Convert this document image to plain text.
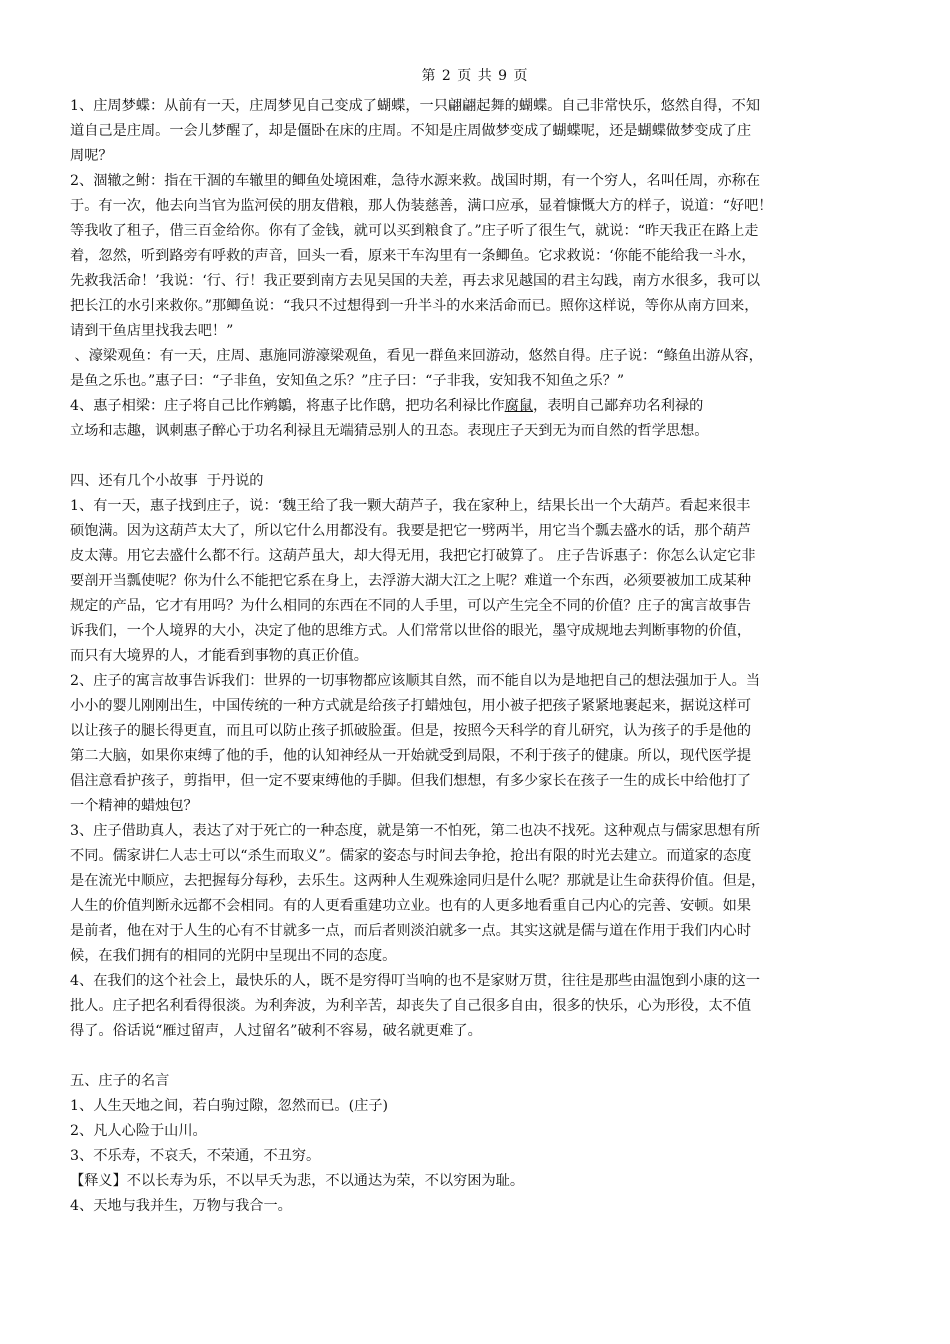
第 2 页 共 9 页
1、庄周梦蝶：从前有一天，庄周梦见自己变成了蝴蝶，一只翩翩起舞的蝴蝶。自己非常快乐，悠然自得，不知
道自己是庄周。一会儿梦醒了，却是僵卧在床的庄周。不知是庄周做梦变成了蝴蝶呢，还是蝴蝶做梦变成了庄
周呢？
2、涸辙之鲋：指在干涸的车辙里的鲫鱼处境困难，急待水源来救。战国时期，有一个穷人，名叫任周，亦称在
于。有一次，他去向当官为监河侯的朋友借粮，那人伪装慈善，满口应承，显着慷慨大方的样子，说道：“好吧！
等我收了租子，借三百金给你。你有了金钱，就可以买到粮食了。”庄子听了很生气，就说：“昨天我正在路上走
着，忽然，听到路旁有呼救的声音，回头一看，原来干车沟里有一条鲫鱼。它求救说：‘你能不能给我一斗水，
先救我活命！’我说：‘行、行！我正要到南方去见吴国的夫差，再去求见越国的君主勾践，南方水很多，我可以
把长江的水引来救你。”那鲫鱼说：“我只不过想得到一升半斗的水来活命而已。照你这样说，等你从南方回来，
请到干鱼店里找我去吧！”
、濠梁观鱼：有一天，庄周、惠施同游濠梁观鱼，看见一群鱼来回游动，悠然自得。庄子说：“鲦鱼出游从容，
是鱼之乐也。”惠子曰：“子非鱼，安知鱼之乐？”庄子曰：“子非我，安知我不知鱼之乐？”
4、惠子相梁：庄子将自己比作鹓鶵，将惠子比作鸱，把功名利禄比作腐鼠，表明自己鄙弃功名利禄的
立场和志趣，讽刺惠子醉心于功名利禄且无端猜忌别人的丑态。表现庄子天到无为而自然的哲学思想。
四、还有几个小故事  于丹说的
1、有一天，惠子找到庄子，说：‘魏王给了我一颗大葫芦子，我在家种上，结果长出一个大葫芦。看起来很丰
硕饱满。因为这葫芦太大了，所以它什么用都没有。我要是把它一劈两半，用它当个瓢去盛水的话，那个葫芦
皮太薄。用它去盛什么都不行。这葫芦虽大，却大得无用，我把它打破算了。 庄子告诉惠子：你怎么认定它非
要剖开当瓢使呢？你为什么不能把它系在身上，去浮游大湖大江之上呢？难道一个东西，必须要被加工成某种
规定的产品，它才有用吗？为什么相同的东西在不同的人手里，可以产生完全不同的价值？庄子的寓言故事告
诉我们，一个人境界的大小，决定了他的思维方式。人们常常以世俗的眼光，墨守成规地去判断事物的价值，
而只有大境界的人，才能看到事物的真正价值。
2、庄子的寓言故事告诉我们：世界的一切事物都应该顺其自然，而不能自以为是地把自己的想法强加于人。当
小小的婴儿刚刚出生，中国传统的一种方式就是给孩子打蜡烛包，用小被子把孩子紧紧地裹起来，据说这样可
以让孩子的腿长得更直，而且可以防止孩子抓破脸蛋。但是，按照今天科学的育儿研究，认为孩子的手是他的
第二大脑，如果你束缚了他的手，他的认知神经从一开始就受到局限，不利于孩子的健康。所以，现代医学提
倡注意看护孩子，剪指甲，但一定不要束缚他的手脚。但我们想想，有多少家长在孩子一生的成长中给他打了
一个精神的蜡烛包？
3、庄子借助真人，表达了对于死亡的一种态度，就是第一不怕死，第二也决不找死。这种观点与儒家思想有所
不同。儒家讲仁人志士可以“杀生而取义”。儒家的姿态与时间去争抢，抢出有限的时光去建立。而道家的态度
是在流光中顺应，去把握每分每秒，去乐生。这两种人生观殊途同归是什么呢？那就是让生命获得价值。但是，
人生的价值判断永远都不会相同。有的人更看重建功立业。也有的人更多地看重自己内心的完善、安顿。如果
是前者，他在对于人生的心有不甘就多一点，而后者则淡泊就多一点。其实这就是儒与道在作用于我们内心时
候，在我们拥有的相同的光阴中呈现出不同的态度。
4、在我们的这个社会上，最快乐的人，既不是穷得叮当响的也不是家财万贯，往往是那些由温饱到小康的这一
批人。庄子把名利看得很淡。为利奔波，为利辛苦，却丧失了自己很多自由，很多的快乐，心为形役，太不值
得了。俗话说“雁过留声，人过留名”破利不容易，破名就更难了。
五、庄子的名言
1、人生天地之间，若白驹过隙，忽然而已。(庄子)
2、凡人心险于山川。
3、不乐寿，不哀夭，不荣通，不丑穷。
【释义】不以长寿为乐，不以早夭为悲，不以通达为荣，不以穷困为耻。
4、天地与我并生，万物与我合一。
